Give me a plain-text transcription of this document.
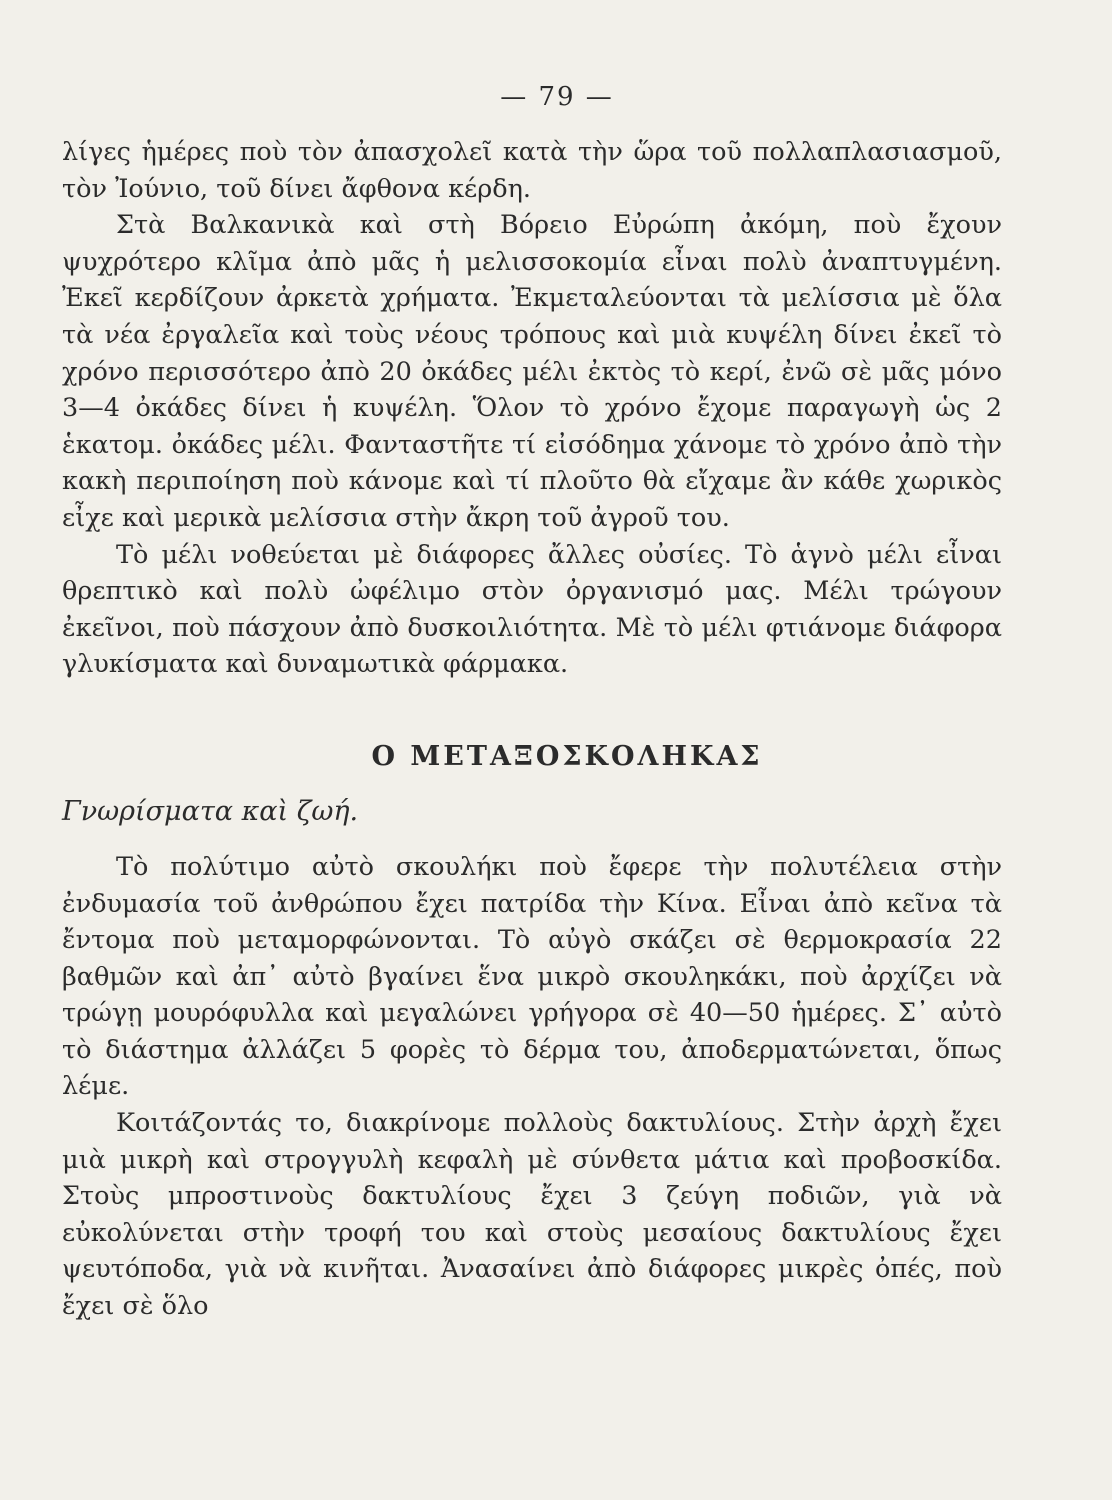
— 79 —

λίγες ἡμέρες ποὺ τὸν ἀπασχολεῖ κατὰ τὴν ὥρα τοῦ πολλαπλασιασμοῦ, τὸν Ἰούνιο, τοῦ δίνει ἄφθονα κέρδη.

Στὰ Βαλκανικὰ καὶ στὴ Βόρειο Εὐρώπη ἀκόμη, ποὺ ἔχουν ψυχρότερο κλῖμα ἀπὸ μᾶς ἡ μελισσοκομία εἶναι πολὺ ἀναπτυγμένη. Ἐκεῖ κερδίζουν ἀρκετὰ χρήματα. Ἐκμεταλεύονται τὰ μελίσσια μὲ ὅλα τὰ νέα ἐργαλεῖα καὶ τοὺς νέους τρόπους καὶ μιὰ κυψέλη δίνει ἐκεῖ τὸ χρόνο περισσότερο ἀπὸ 20 ὀκάδες μέλι ἐκτὸς τὸ κερί, ἐνῶ σὲ μᾶς μόνο 3—4 ὀκάδες δίνει ἡ κυψέλη. Ὅλον τὸ χρόνο ἔχομε παραγωγὴ ὡς 2 ἑκατομ. ὀκάδες μέλι. Φανταστῆτε τί εἰσόδημα χάνομε τὸ χρόνο ἀπὸ τὴν κακὴ περιποίηση ποὺ κάνομε καὶ τί πλοῦτο θὰ εἴχαμε ἂν κάθε χωρικὸς εἶχε καὶ μερικὰ μελίσσια στὴν ἄκρη τοῦ ἀγροῦ του.

Τὸ μέλι νοθεύεται μὲ διάφορες ἄλλες οὐσίες. Τὸ ἁγνὸ μέλι εἶναι θρεπτικὸ καὶ πολὺ ὠφέλιμο στὸν ὀργανισμό μας. Μέλι τρώγουν ἐκεῖνοι, ποὺ πάσχουν ἀπὸ δυσκοιλιότητα. Μὲ τὸ μέλι φτιάνομε διάφορα γλυκίσματα καὶ δυναμωτικὰ φάρμακα.

Ο ΜΕΤΑΞΟΣΚΟΛΗΚΑΣ
Γνωρίσματα καὶ ζωή.

Τὸ πολύτιμο αὐτὸ σκουλήκι ποὺ ἔφερε τὴν πολυτέλεια στὴν ἐνδυμασία τοῦ ἀνθρώπου ἔχει πατρίδα τὴν Κίνα. Εἶναι ἀπὸ κεῖνα τὰ ἔντομα ποὺ μεταμορφώνονται. Τὸ αὐγὸ σκάζει σὲ θερμοκρασία 22 βαθμῶν καὶ ἀπ᾽ αὐτὸ βγαίνει ἕνα μικρὸ σκουληκάκι, ποὺ ἀρχίζει νὰ τρώγῃ μουρόφυλλα καὶ μεγαλώνει γρήγορα σὲ 40—50 ἡμέρες. Σ᾽ αὐτὸ τὸ διάστημα ἀλλάζει 5 φορὲς τὸ δέρμα του, ἀποδερματώνεται, ὅπως λέμε.

Κοιτάζοντάς το, διακρίνομε πολλοὺς δακτυλίους. Στὴν ἀρχὴ ἔχει μιὰ μικρὴ καὶ στρογγυλὴ κεφαλὴ μὲ σύνθετα μάτια καὶ προβοσκίδα. Στοὺς μπροστινοὺς δακτυλίους ἔχει 3 ζεύγη ποδιῶν, γιὰ νὰ εὐκολύνεται στὴν τροφή του καὶ στοὺς μεσαίους δακτυλίους ἔχει ψευτόποδα, γιὰ νὰ κινῆται. Ἀνασαίνει ἀπὸ διάφορες μικρὲς ὀπές, ποὺ ἔχει σὲ ὅλο
